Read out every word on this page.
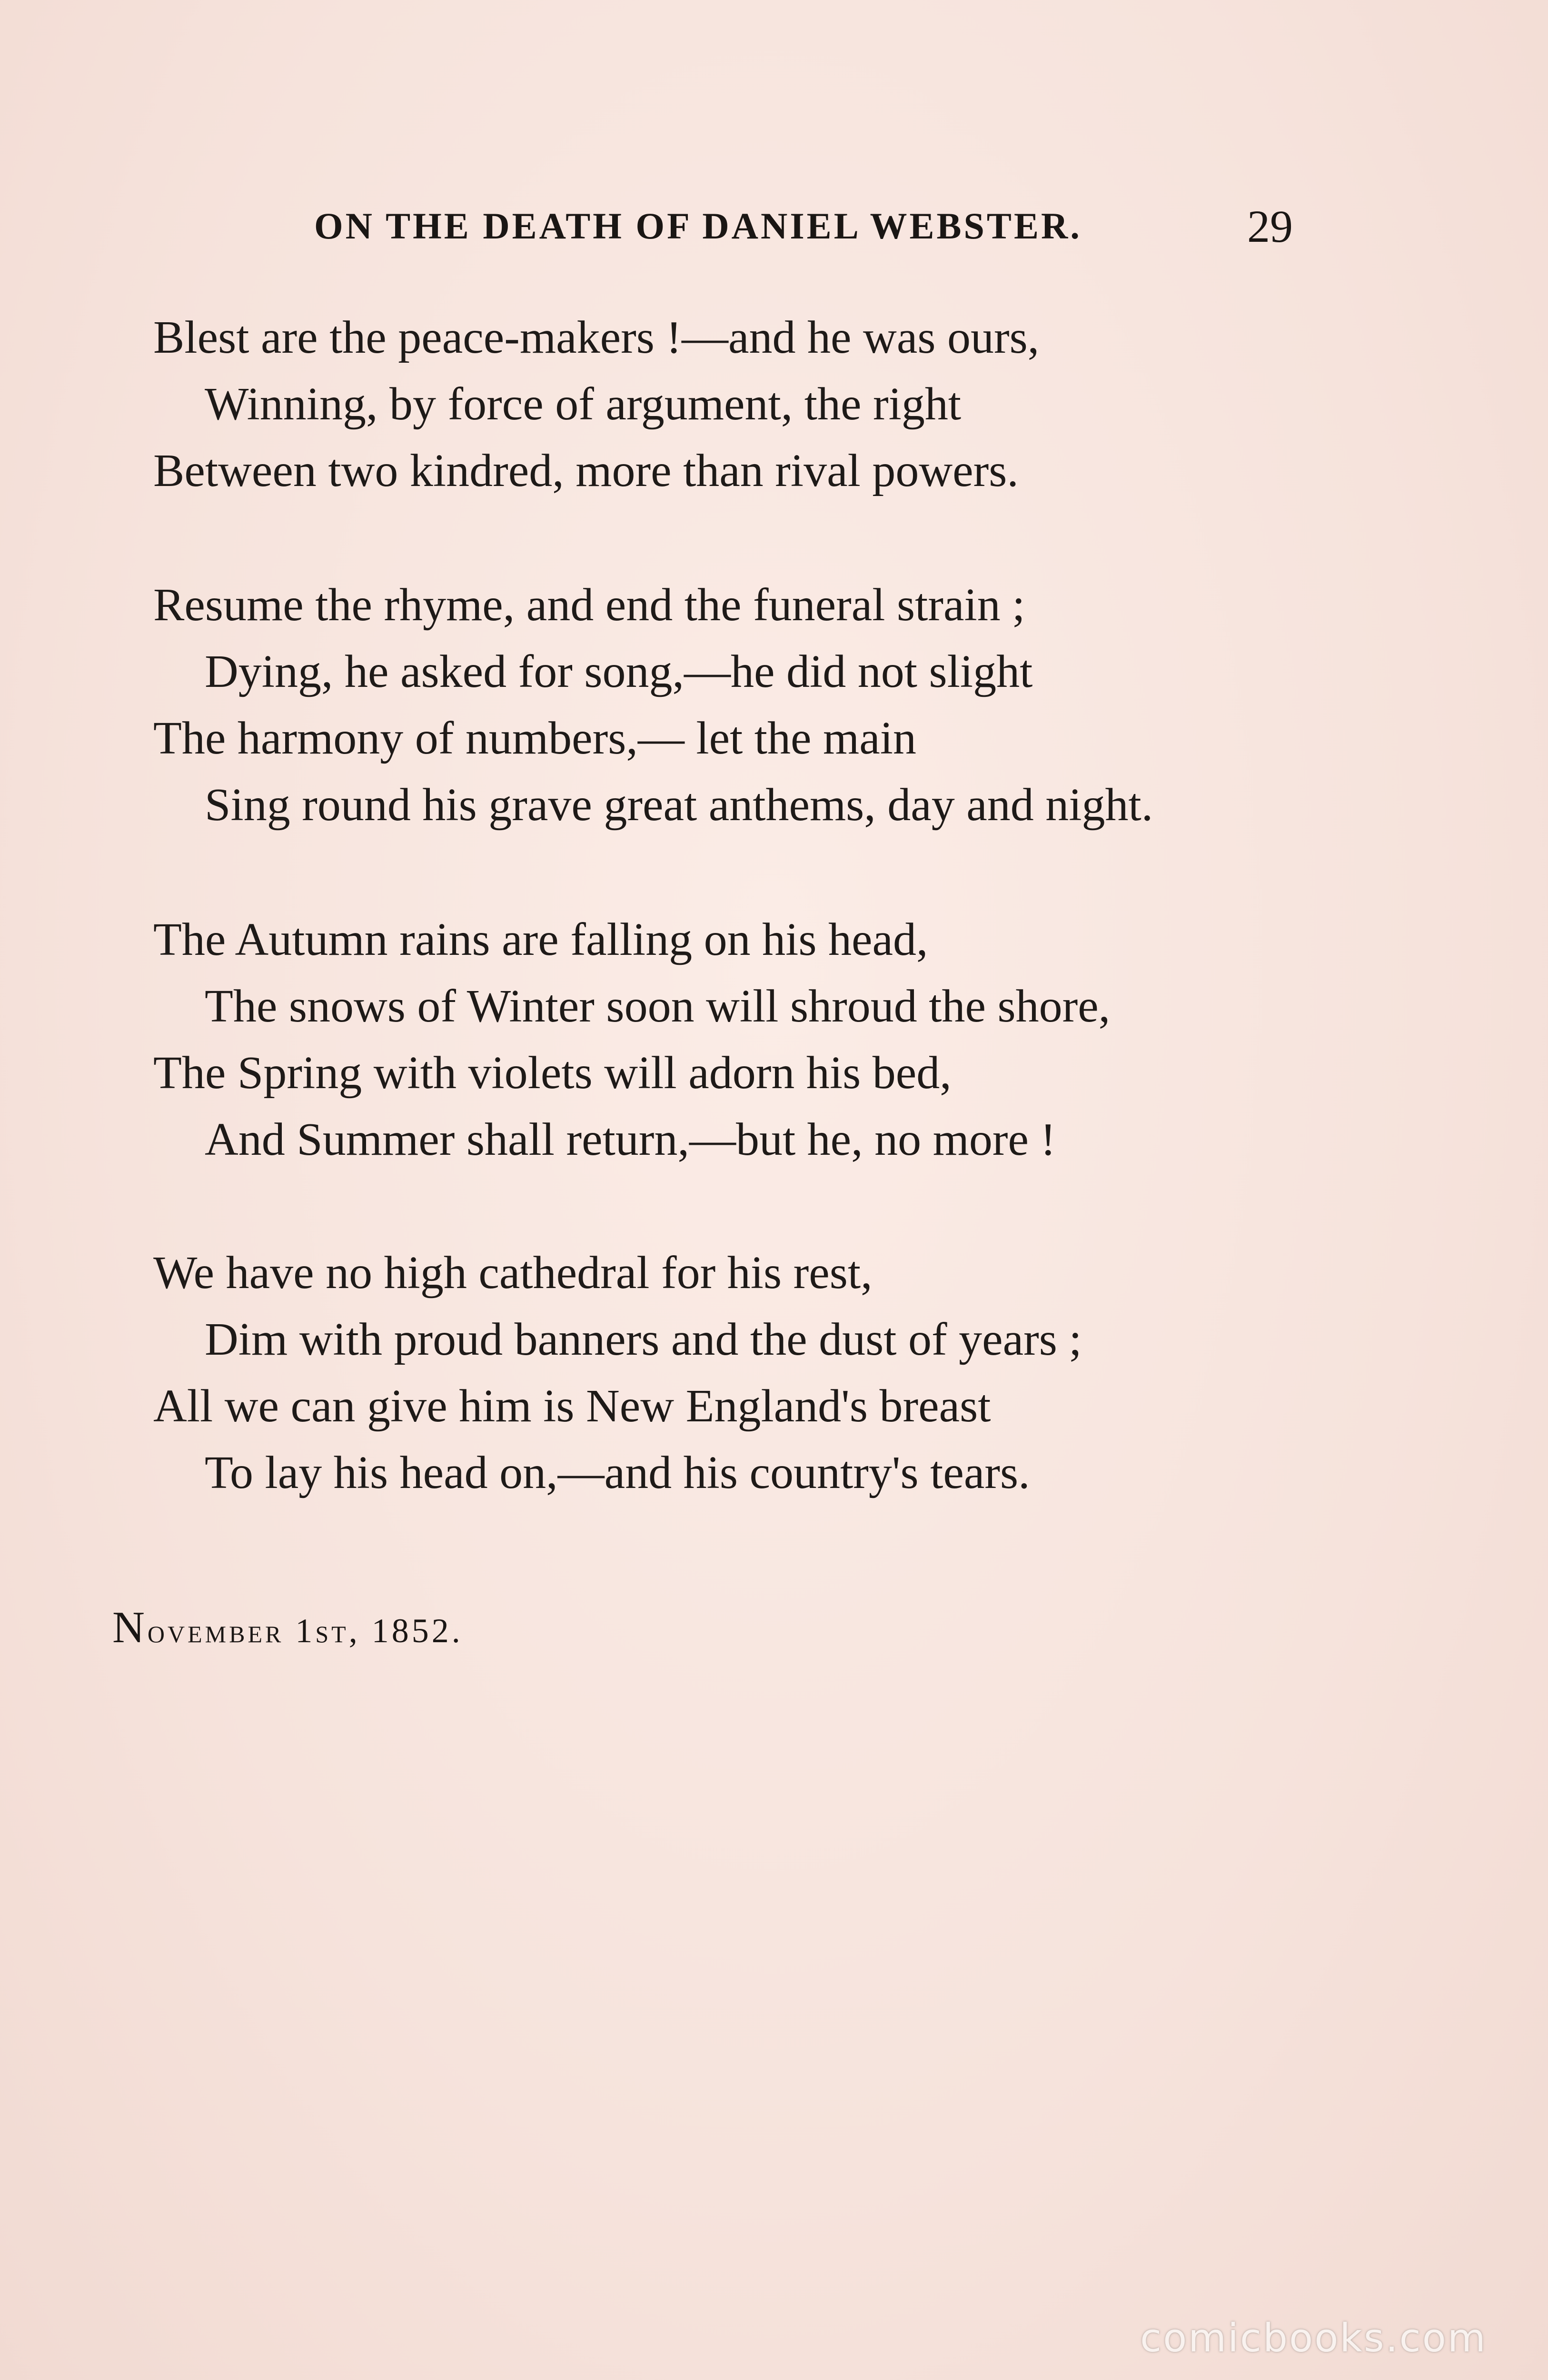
ON THE DEATH OF DANIEL WEBSTER.	29
Blest are the peace-makers !—and he was ours,
Winning, by force of argument, the right
Between two kindred, more than rival powers.
Resume the rhyme, and end the funeral strain ;
Dying, he asked for song,—he did not slight
The harmony of numbers,— let the main
Sing round his grave great anthems, day and night.
The Autumn rains are falling on his head,
The snows of Winter soon will shroud the shore,
The Spring with violets will adorn his bed,
And Summer shall return,—but he, no more !
We have no high cathedral for his rest,
Dim with proud banners and the dust of years ;
All we can give him is New England's breast
To lay his head on,—and his country's tears.
November 1st, 1852.
comicbooks.com
